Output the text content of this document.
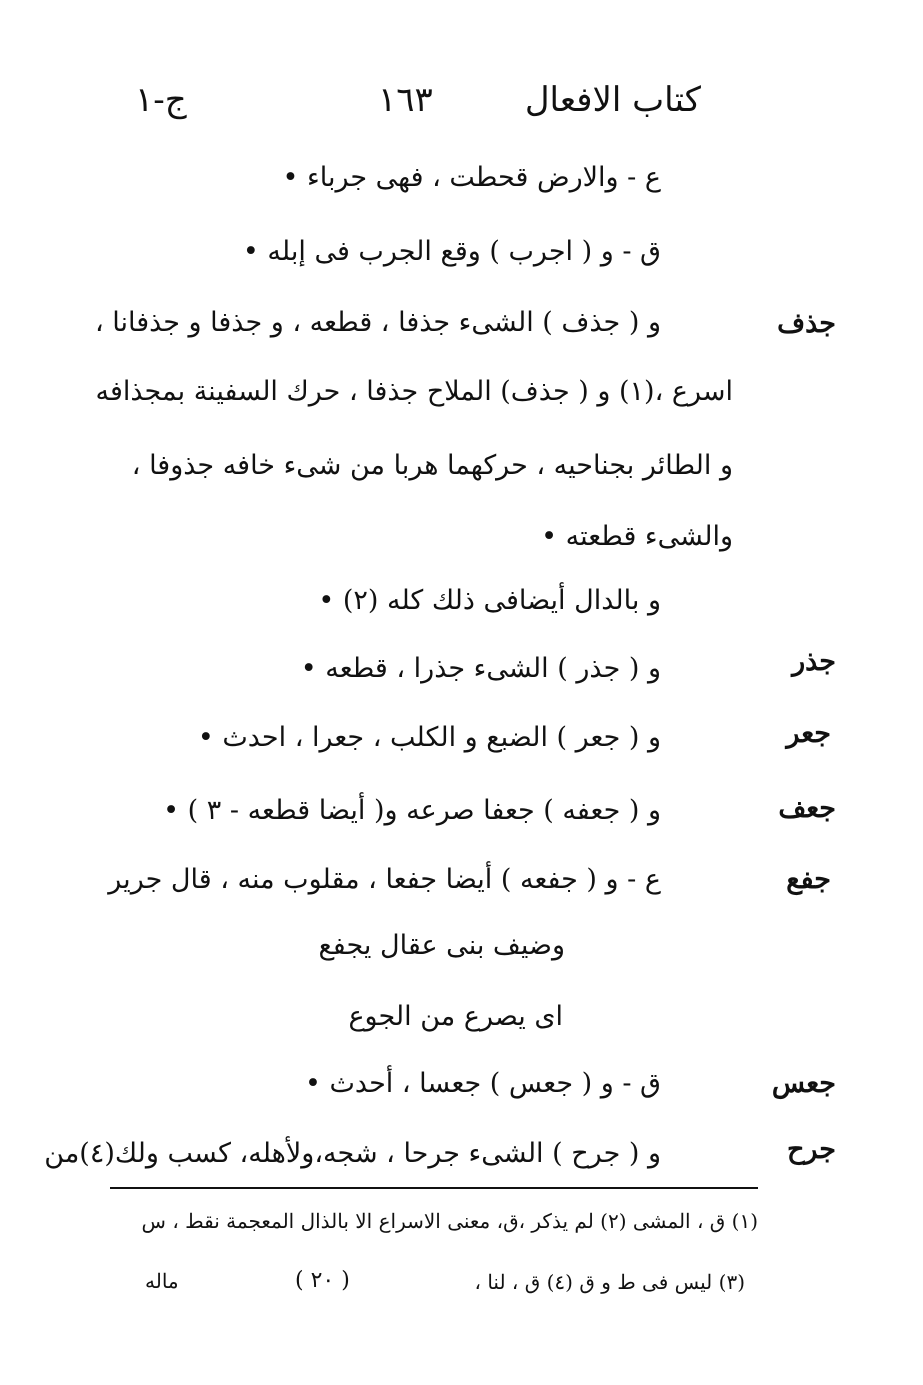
كتاب الافعال
١٦٣
ج-١
ع - والارض قحطت ، فهى جرباء •
ق - و ( اجرب ) وقع الجرب فى إبله •
و ( جذف ) الشىء جذفا ، قطعه ، و جذفا و جذفانا ،
اسرع ،(١) و ( جذف) الملاح جذفا ، حرك السفينة بمجذافه
و الطائر بجناحيه ، حركهما هربا من شىء خافه جذوفا ،
والشىء قطعته •
و بالدال أيضافى ذلك كله (٢) •
و ( جذر ) الشىء جذرا ، قطعه •
و ( جعر ) الضبع و الكلب ، جعرا ، احدث •
و ( جعفه ) جعفا صرعه و( أيضا قطعه - ٣ ) •
ع - و ( جفعه ) أيضا جفعا ، مقلوب منه ، قال جرير
وضيف بنى عقال يجفع
اى يصرع من الجوع
ق - و ( جعس ) جعسا ، أحدث •
و ( جرح ) الشىء جرحا ، شجه،ولأهله، كسب ولك(٤)من
جذف
جذر
جعر
جعف
جفع
جعس
جرح
(١) ق ، المشى (٢) لم يذكر ،ق، معنى الاسراع الا بالذال المعجمة نقط ، س
(٣) ليس فى ط و ق (٤) ق ، لنا ،
( ٢٠ )
ماله
